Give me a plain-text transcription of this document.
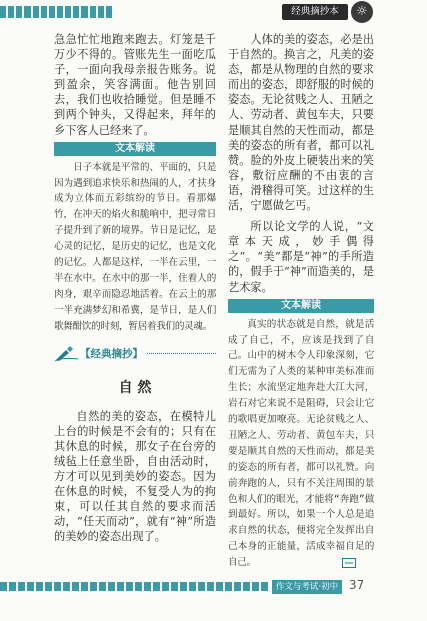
经典摘抄本	☼

急急忙忙地跑来跑去。灯笼是千万少不得的。管账先生一面吃瓜子，一面向我母亲报告账务。说到盈余，笑容满面。他告别回去，我们也收拾睡觉。但是睡不到两个钟头，又得起来，拜年的乡下客人已经来了。

文本解读

日子本就是平常的、平面的，只是因为遇到追求快乐和热闹的人，才扶身成为立体而五彩缤纷的节日。看那爆竹，在冲天的焰火和脆响中，把寻常日子提升到了新的境界。节日是记忆，是心灵的记忆，是历史的记忆，也是文化的记忆。人都是这样，一半在云里，一半在水中。在水中的那一半，住着人的肉身，艰辛而隐忍地活着。在云上的那一半充满梦幻和希冀，是节日，是人们歌舞酣饮的时刻，暂居着我们的灵魂。

【经典摘抄】
自 然

自然的美的姿态，在模特儿上台的时候是不会有的；只有在其休息的时候，那女子在台旁的绒毡上任意坐卧，自由活动时，方才可以见到美妙的姿态。因为在休息的时候，不复受人为的拘束，可以任其自然的要求而活动，“任天而动”，就有“神”所造的美妙的姿态出现了。

人体的美的姿态，必是出于自然的。换言之，凡美的姿态，都是从物理的自然的要求而出的姿态，即舒服的时候的姿态。无论贫贱之人、丑陋之人、劳动者、黄包车夫，只要是顺其自然的天性而动，都是美的姿态的所有者，都可以礼赞。脸的外皮上硬装出来的笑容，敷衍应酬的不由衷的言语，滑稽得可笑。过这样的生活，宁愿做乞丐。

所以论文学的人说，“文章本天成，妙手偶得之”。“美”都是“神”的手所造的，假手于“神”而造美的，是艺术家。

文本解读

真实的状态就是自然，就是活成了自己，不，应该是找到了自己。山中的树木令人印象深刻，它们无需为了人类的某种审美标准而生长；水流坚定地奔赴大江大河，岩石对它来说不是阻碍，只会让它的歌唱更加嘹亮。无论贫贱之人、丑陋之人、劳动者、黄包车夫，只要是顺其自然的天性而动，都是美的姿态的所有者，都可以礼赞。向前奔跑的人，只有不关注周围的景色和人们的眼光，才能将“奔跑”做到最好。所以，如果一个人总是追求自然的状态，便将完全发挥出自己本身的正能量，活成幸福自足的自己。

作文与考试·初中版
37
